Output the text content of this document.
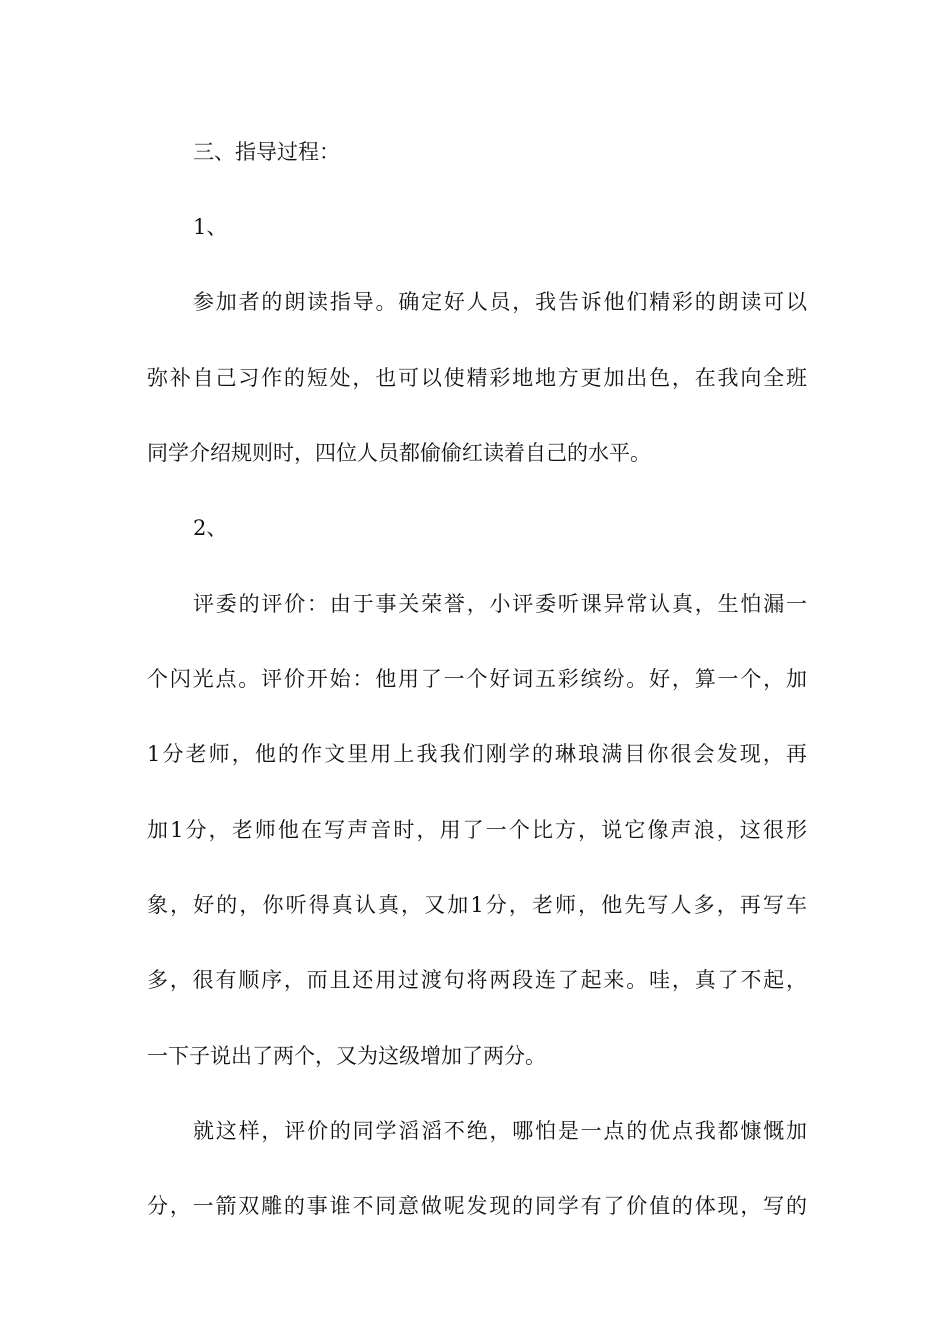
三、指导过程：
1、
参加者的朗读指导。确定好人员，我告诉他们精彩的朗读可以
弥补自己习作的短处，也可以使精彩地地方更加出色，在我向全班
同学介绍规则时，四位人员都偷偷红读着自己的水平。
2、
评委的评价：由于事关荣誉，小评委听课异常认真，生怕漏一
个闪光点。评价开始：他用了一个好词五彩缤纷。好，算一个，加
1分老师，他的作文里用上我我们刚学的琳琅满目你很会发现，再
加1分，老师他在写声音时，用了一个比方，说它像声浪，这很形
象，好的，你听得真认真，又加1分，老师，他先写人多，再写车
多，很有顺序，而且还用过渡句将两段连了起来。哇，真了不起，
一下子说出了两个，又为这级增加了两分。
就这样，评价的同学滔滔不绝，哪怕是一点的优点我都慷慨加
分，一箭双雕的事谁不同意做呢发现的同学有了价值的体现，写的
